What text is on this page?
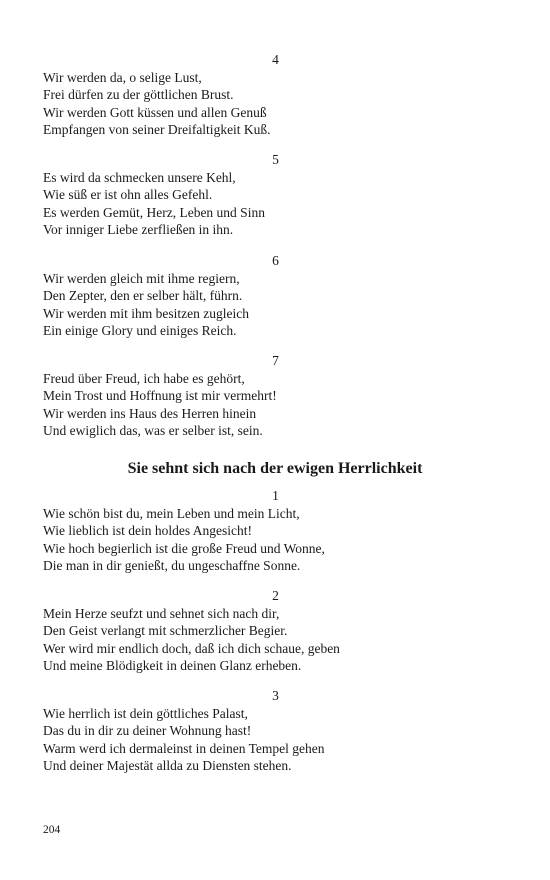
4
Wir werden da, o selige Lust,
Frei dürfen zu der göttlichen Brust.
Wir werden Gott küssen und allen Genuß
Empfangen von seiner Dreifaltigkeit Kuß.
5
Es wird da schmecken unsere Kehl,
Wie süß er ist ohn alles Gefehl.
Es werden Gemüt, Herz, Leben und Sinn
Vor inniger Liebe zerfließen in ihn.
6
Wir werden gleich mit ihme regiern,
Den Zepter, den er selber hält, führn.
Wir werden mit ihm besitzen zugleich
Ein einige Glory und einiges Reich.
7
Freud über Freud, ich habe es gehört,
Mein Trost und Hoffnung ist mir vermehrt!
Wir werden ins Haus des Herren hinein
Und ewiglich das, was er selber ist, sein.
Sie sehnt sich nach der ewigen Herrlichkeit
1
Wie schön bist du, mein Leben und mein Licht,
Wie lieblich ist dein holdes Angesicht!
Wie hoch begierlich ist die große Freud und Wonne,
Die man in dir genießt, du ungeschaffne Sonne.
2
Mein Herze seufzt und sehnet sich nach dir,
Den Geist verlangt mit schmerzlicher Begier.
Wer wird mir endlich doch, daß ich dich schaue, geben
Und meine Blödigkeit in deinen Glanz erheben.
3
Wie herrlich ist dein göttliches Palast,
Das du in dir zu deiner Wohnung hast!
Warm werd ich dermaleinst in deinen Tempel gehen
Und deiner Majestät allda zu Diensten stehen.
204
